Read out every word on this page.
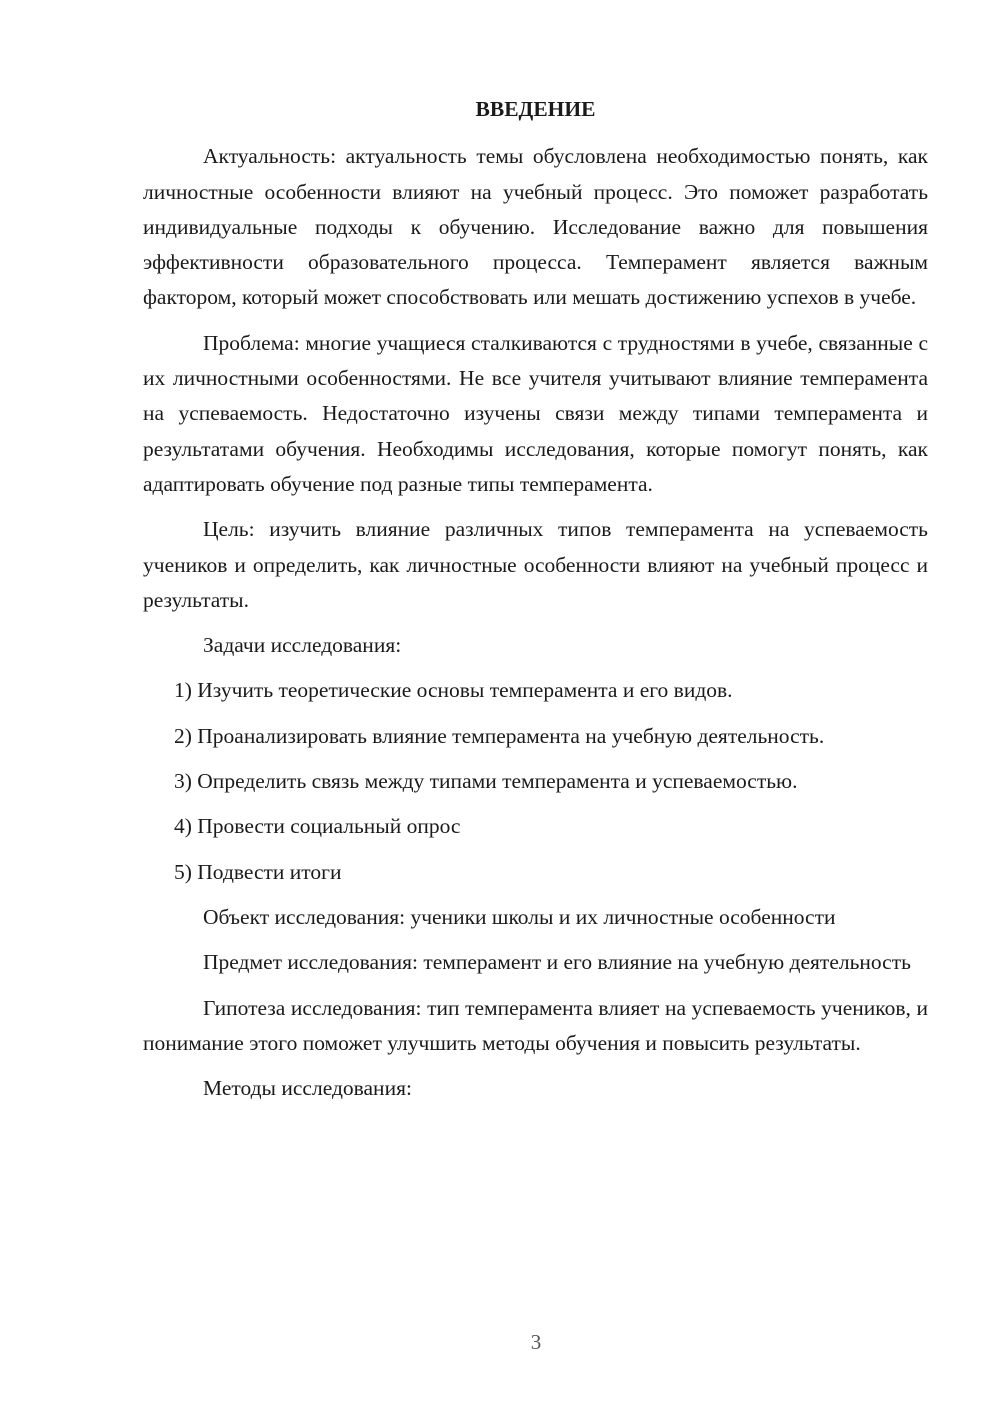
ВВЕДЕНИЕ

Актуальность: актуальность темы обусловлена необходимостью понять, как личностные особенности влияют на учебный процесс. Это поможет разработать индивидуальные подходы к обучению. Исследование важно для повышения эффективности образовательного процесса. Темперамент является важным фактором, который может способствовать или мешать достижению успехов в учебе.

Проблема: многие учащиеся сталкиваются с трудностями в учебе, связанные с их личностными особенностями. Не все учителя учитывают влияние темперамента на успеваемость. Недостаточно изучены связи между типами темперамента и результатами обучения. Необходимы исследования, которые помогут понять, как адаптировать обучение под разные типы темперамента.

Цель: изучить влияние различных типов темперамента на успеваемость учеников и определить, как личностные особенности влияют на учебный процесс и результаты.

Задачи исследования:

1) Изучить теоретические основы темперамента и его видов.
2) Проанализировать влияние темперамента на учебную деятельность.
3) Определить связь между типами темперамента и успеваемостью.
4) Провести социальный опрос
5) Подвести итоги

Объект исследования: ученики школы и их личностные особенности

Предмет исследования: темперамент и его влияние на учебную деятельность

Гипотеза исследования: тип темперамента влияет на успеваемость учеников, и понимание этого поможет улучшить методы обучения и повысить результаты.

Методы исследования:

3
